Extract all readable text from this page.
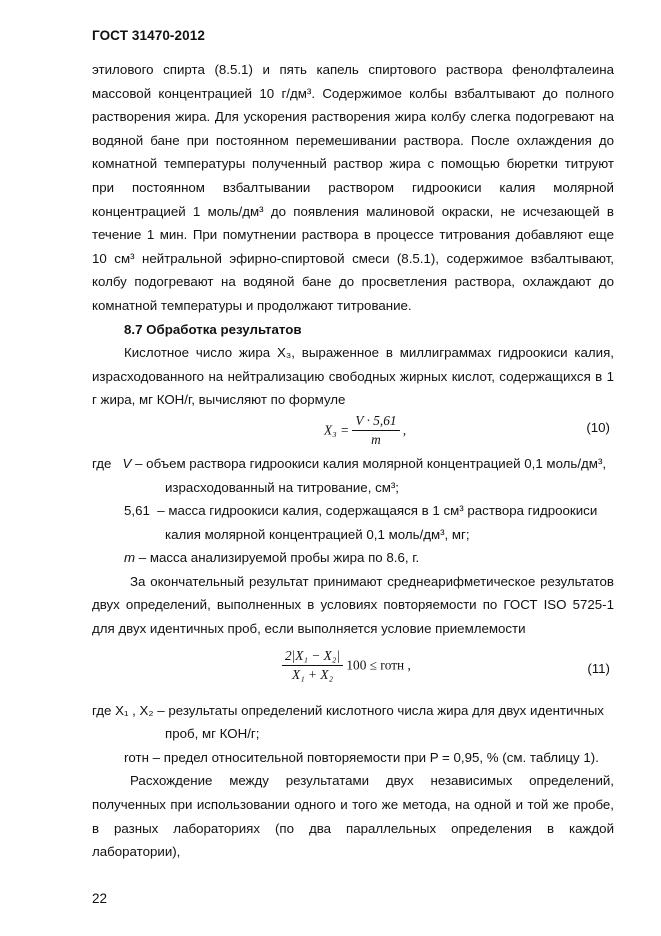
ГОСТ 31470-2012

этилового спирта (8.5.1) и пять капель спиртового раствора фенолфталеина массовой концентрацией 10 г/дм³. Содержимое колбы взбалтывают до полного растворения жира. Для ускорения растворения жира колбу слегка подогревают на водяной бане при постоянном перемешивании раствора. После охлаждения до комнатной температуры полученный раствор жира с помощью бюретки титруют при постоянном взбалтывании раствором гидроокиси калия молярной концентрацией 1 моль/дм³ до появления малиновой окраски, не исчезающей в течение 1 мин. При помутнении раствора в процессе титрования добавляют еще 10 см³ нейтральной эфирно-спиртовой смеси (8.5.1), содержимое взбалтывают, колбу подогревают на водяной бане до просветления раствора, охлаждают до комнатной температуры и продолжают титрование.

8.7 Обработка результатов

Кислотное число жира X₃, выраженное в миллиграммах гидроокиси калия, израсходованного на нейтрализацию свободных жирных кислот, содержащихся в 1 г жира, мг КОН/г, вычисляют по формуле

$X_3 = \frac{V \cdot 5,61}{m}$ ,	(10)
где V – объем раствора гидроокиси калия молярной концентрацией 0,1 моль/дм³,
израсходованный на титрование, см³;
5,61 – масса гидроокиси калия, содержащаяся в 1 см³ раствора гидроокиси
калия молярной концентрацией 0,1 моль/дм³, мг;
m – масса анализируемой пробы жира по 8.6, г.

За окончательный результат принимают среднеарифметическое результатов двух определений, выполненных в условиях повторяемости по ГОСТ ISO 5725-1 для двух идентичных проб, если выполняется условие приемлемости

$\frac{\text{2|X₁ − X₂|}}{\text{X₁ + X₂}} 100$ ≤ rотн ,	(11)
где X₁ , X₂ – результаты определений кислотного числа жира для двух идентичных
проб, мг КОН/г;
rотн – предел относительной повторяемости при P = 0,95, % (см. таблицу 1).

Расхождение между результатами двух независимых определений, полученных при использовании одного и того же метода, на одной и той же пробе, в разных лабораториях (по два параллельных определения в каждой лаборатории),

22
